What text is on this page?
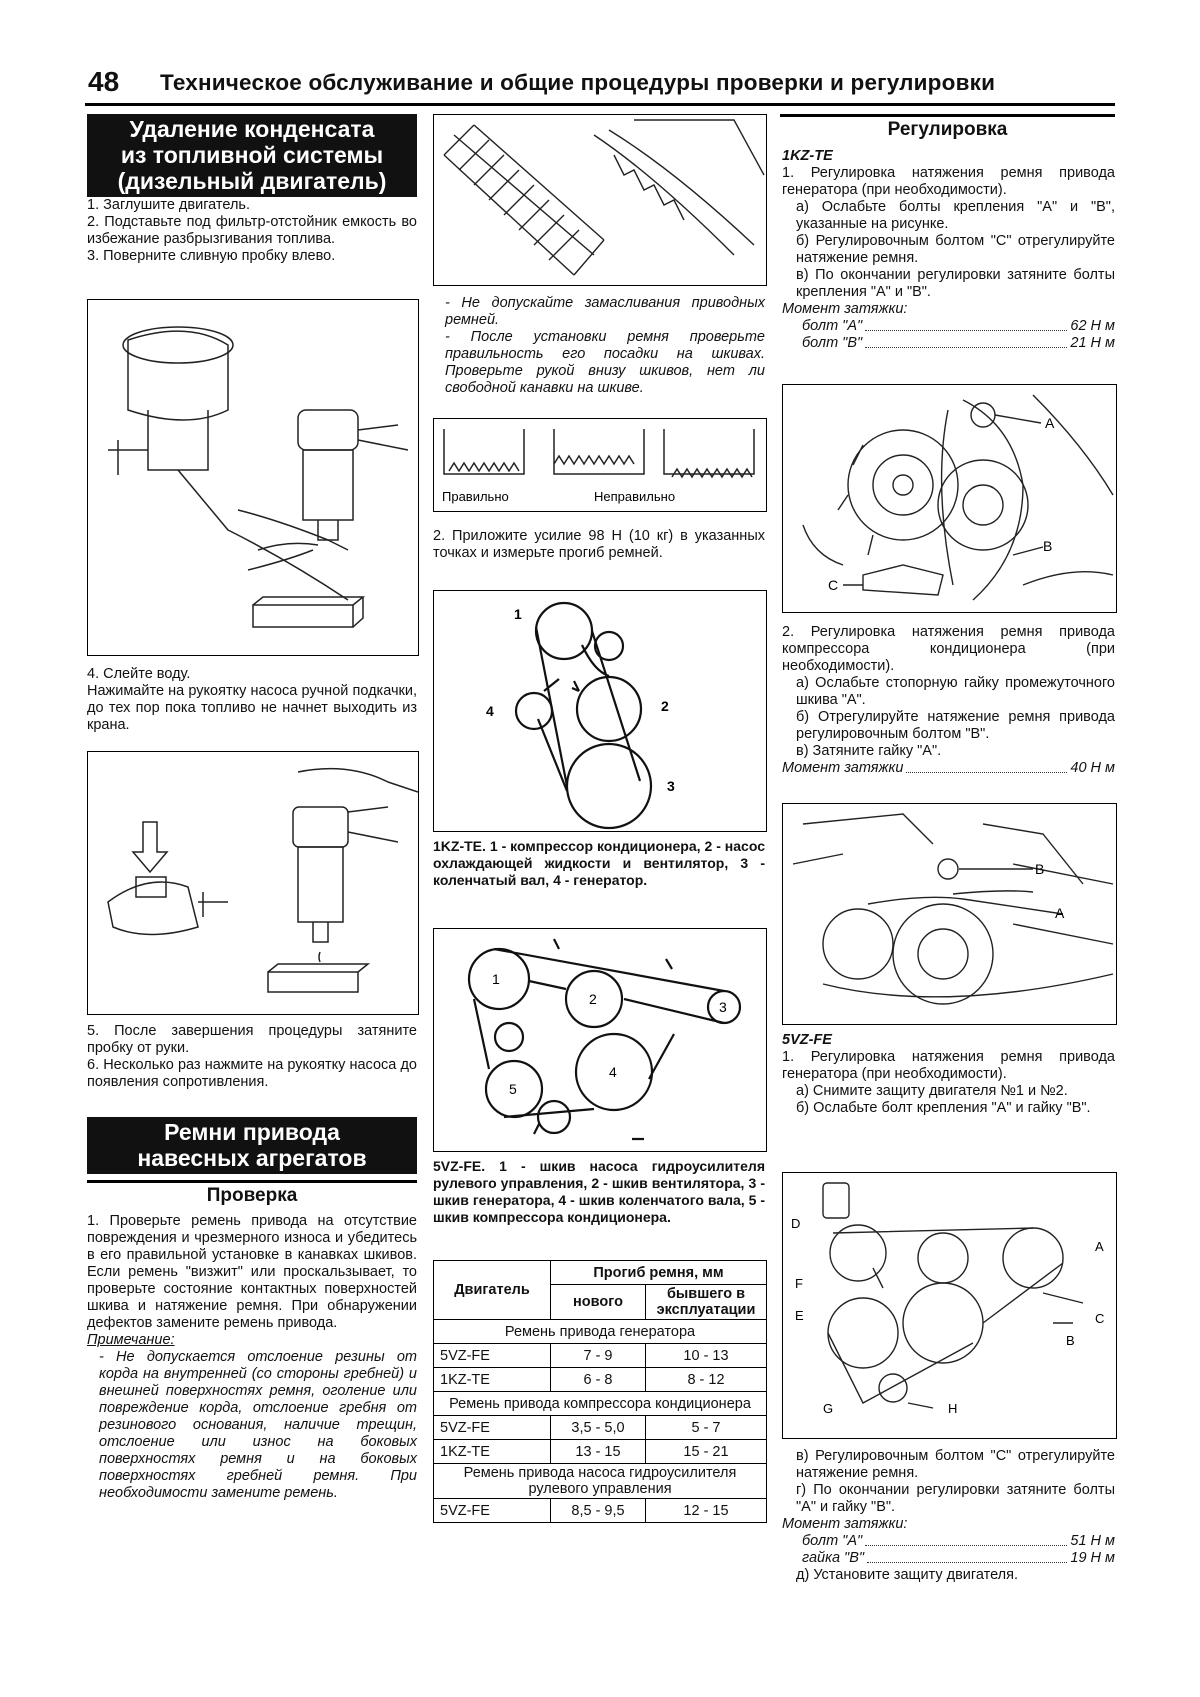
48 Техническое обслуживание и общие процедуры проверки и регулировки
Удаление конденсата
из топливной системы
(дизельный двигатель)

1. Заглушите двигатель.

2. Подставьте под фильтр-отстойник емкость во избежание разбрызгивания топлива.

3. Поверните сливную пробку влево.

4. Слейте воду.

Нажимайте на рукоятку насоса ручной подкачки, до тех пор пока топливо не начнет выходить из крана.

5. После завершения процедуры затяните пробку от руки.

6. Несколько раз нажмите на рукоятку насоса до появления сопротивления.

Ремни привода
навесных агрегатов
Проверка

1. Проверьте ремень привода на отсутствие повреждения и чрезмерного износа и убедитесь в его правильной установке в канавках шкивов. Если ремень "визжит" или проскальзывает, то проверьте состояние контактных поверхностей шкива и натяжение ремня. При обнаружении дефектов замените ремень привода.

Примечание:

- Не допускается отслоение резины от корда на внутренней (со стороны гребней) и внешней поверхностях ремня, оголение или повреждение корда, отслоение гребня от резинового основания, наличие трещин, отслоение или износ на боковых поверхностях ремня и на боковых поверхностях гребней ремня. При необходимости замените ремень.

- Не допускайте замасливания приводных ремней.

- После установки ремня проверьте правильность его посадки на шкивах. Проверьте рукой внизу шкивов, нет ли свободной канавки на шкиве.

Правильно	Неправильно
2. Приложите усилие 98 Н (10 кг) в указанных точках и измерьте прогиб ремней.
1
2
3
4
1KZ-TE. 1 - компрессор кондиционера, 2 - насос охлаждающей жидкости и вентилятор, 3 - коленчатый вал, 4 - генератор.
1
2	3
4
5
5VZ-FE. 1 - шкив насоса гидроусилителя рулевого управления, 2 - шкив вентилятора, 3 - шкив генератора, 4 - шкив коленчатого вала, 5 - шкив компрессора кондиционера.
Двигатель	Прогиб ремня, мм	
	нового	бывшего в эксплуатации
Ремень привода генератора		
5VZ-FE	7 - 9	10 - 13
1KZ-TE	6 - 8	8 - 12
Ремень привода компрессора кондиционера		
5VZ-FE	3,5 - 5,0	5 - 7
1KZ-TE	13 - 15	15 - 21
Ремень привода насоса гидроусилителя рулевого управления		
5VZ-FE	8,5 - 9,5	12 - 15
Регулировка

1KZ-TE

1. Регулировка натяжения ремня привода генератора (при необходимости).

а) Ослабьте болты крепления "А" и "В", указанные на рисунке.

б) Регулировочным болтом "С" отрегулируйте натяжение ремня.

в) По окончании регулировки затяните болты крепления "А" и "В".

Момент затяжки:

болт "А"	62 Н м
болт "В"	21 Н м
A
B
C

2. Регулировка натяжения ремня привода компрессора кондиционера (при необходимости).

а) Ослабьте стопорную гайку промежуточного шкива "А".

б) Отрегулируйте натяжение ремня привода регулировочным болтом "В".

в) Затяните гайку "А".

Момент затяжки	40 Н м
B
A

5VZ-FE

1. Регулировка натяжения ремня привода генератора (при необходимости).

а) Снимите защиту двигателя №1 и №2.

б) Ослабьте болт крепления "А" и гайку "В".

D
A
F
E	C
B
G	H

в) Регулировочным болтом "С" отрегулируйте натяжение ремня.

г) По окончании регулировки затяните болты "А" и гайку "В".

Момент затяжки:

болт "А"	51 Н м
гайка "В"	19 Н м

д) Установите защиту двигателя.
